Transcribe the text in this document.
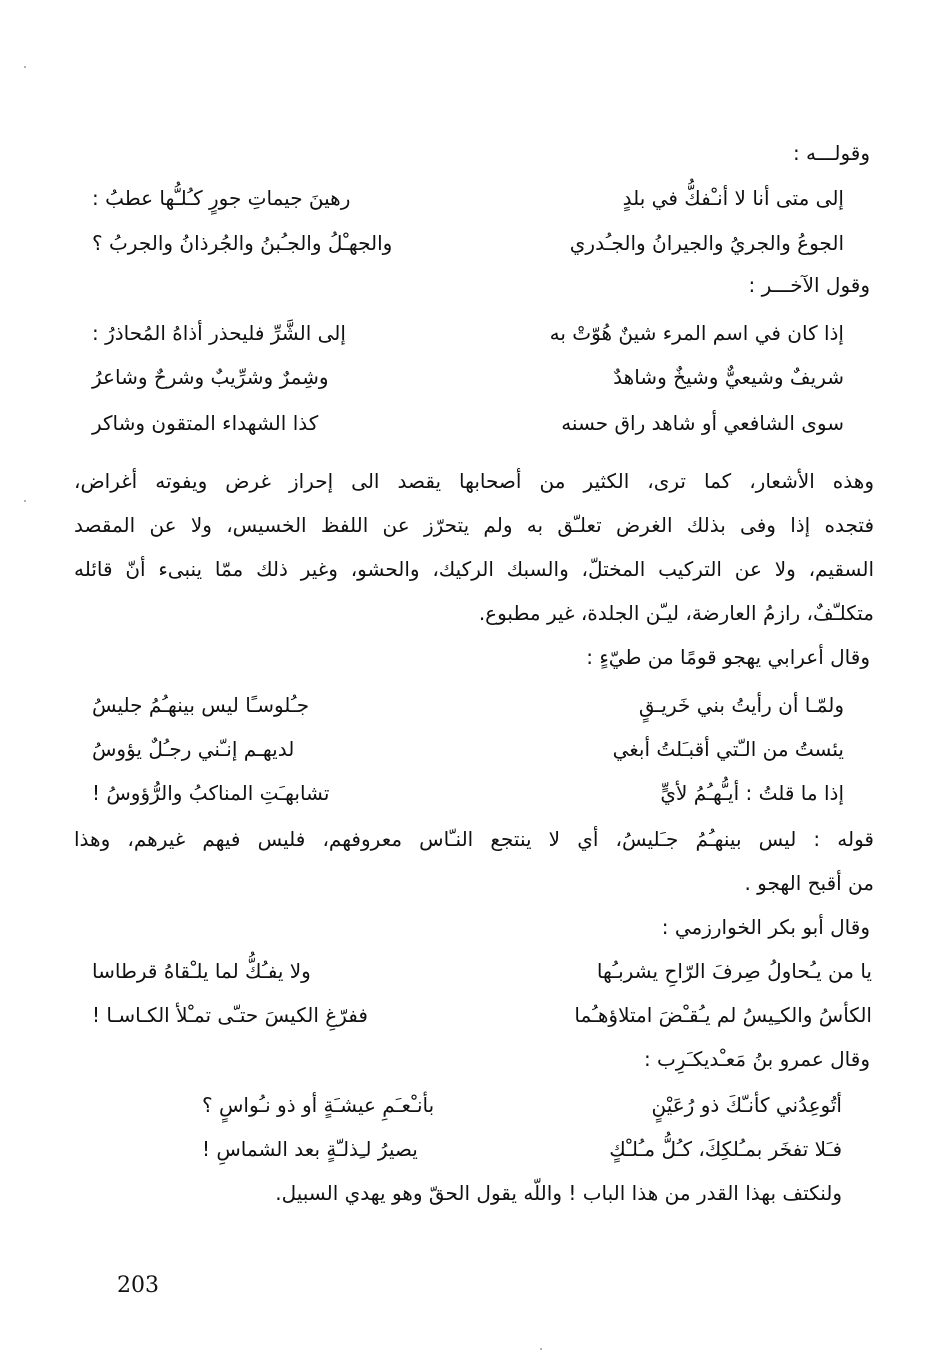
وقولـــه :
إلى متى أنا لا أنـْفكُّ في بلدٍ
رهينَ جيماتِ جورٍ كـُلـُّها عطبُ :
الجوعُ والجريُ والجيرانُ والجـُدري
والجهـْلُ والجـُبنُ والجُرذانُ والجربُ ؟
وقول الآخـــر :
إذا كان في اسم المرء شينٌ هُوّتْ به
إلى الشَّرِّ فليحذر أذاهُ المُحاذرُ :
شريفٌ وشيعيٌّ وشيخٌ وشاهدٌ
وشِمرٌ وشرِّيبٌ وشرحٌ وشاعرُ
سوى الشافعي أو شاهد راق حسنه
كذا الشهداء المتقون وشاكر
وهذه الأشعار، كما ترى، الكثير من أصحابها يقصد الى إحراز غرض ويفوته أغراض،
فتجده إذا وفى بذلك الغرض تعلـّق به ولم يتحرّز عن اللفظ الخسيس، ولا عن المقصد
السقيم، ولا عن التركيب المختلّ، والسبك الركيك، والحشو، وغير ذلك ممّا ينبىء أنّ قائله
متكلـّفٌ، رازمُ العارضة، ليـّن الجلدة، غير مطبوع.
وقال أعرابي يهجو قومًا من طيّءٍ :
ولمّـا أن رأيتُ بني خَريـقٍ
جـُلوسـًا ليس بينهـُمُ جليسُ
يئستُ من الـّتي أقبـَلتُ أبغي
لديهـم إنـّني رجـُلٌ يؤوسُ
إذا ما قلتُ : أيـُّهـُمُ لأيٍّ
تشابهـَتِ المناكبُ والرُّؤوسُ !
قوله : ليس بينهـُمُ جـَليسُ، أي لا ينتجع النـّاس معروفهم، فليس فيهم غيرهم، وهذا
من أقبح الهجو .
وقال أبو بكر الخوارزمي :
يا من يـُحاولُ صِرفَ الرّاحِ يشربـُها
ولا يفـُكُّ لما يلـْقاهُ قرطاسا
الكأسُ والكـِيسُ لم يـُقـْضَ امتلاؤهـُما
ففرّغِ الكيسَ حتـّى تمـْلأ الكـاسـا !
وقال عمرو بنُ مَعـْديكـَرِب :
أتُوعِدُني كأنـّكَ ذو رُعَيْنٍ
بأنـْعـَمِ عيشـَةٍ أو ذو نـُواسٍ ؟
فـَلا تفخَر بمـُلكِكَ، كـُلُّ مـُلـْكٍ
يصيرُ لـِذلـّةٍ بعد الشماسِ !
ولنكتف بهذا القدر من هذا الباب ! واللّه يقول الحقّ وهو يهدي السبيل.
203
